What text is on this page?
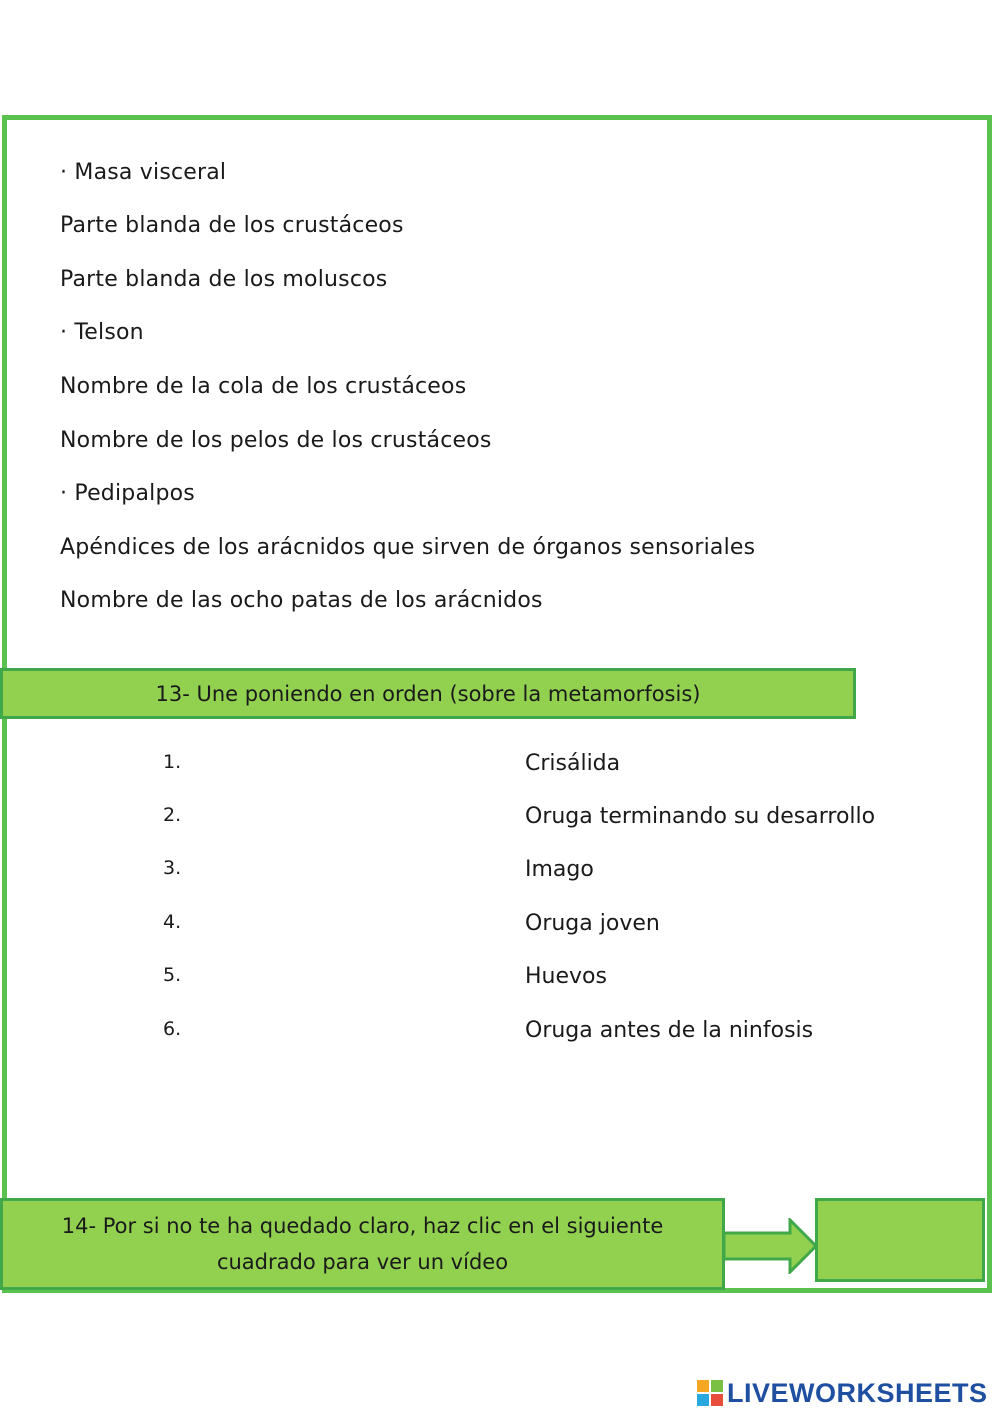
· Masa visceral
Parte blanda de los crustáceos
Parte blanda de los moluscos
· Telson
Nombre de la cola de los crustáceos
Nombre de los pelos de los crustáceos
· Pedipalpos
Apéndices de los arácnidos que sirven de órganos sensoriales
Nombre de las ocho patas de los arácnidos
13- Une poniendo en orden (sobre la metamorfosis)
1.
2.
3.
4.
5.
6.
Crisálida
Oruga terminando su desarrollo
Imago
Oruga joven
Huevos
Oruga antes de la ninfosis
14- Por si no te ha quedado claro, haz clic en el siguiente
cuadrado para ver un vídeo
LIVEWORKSHEETS
